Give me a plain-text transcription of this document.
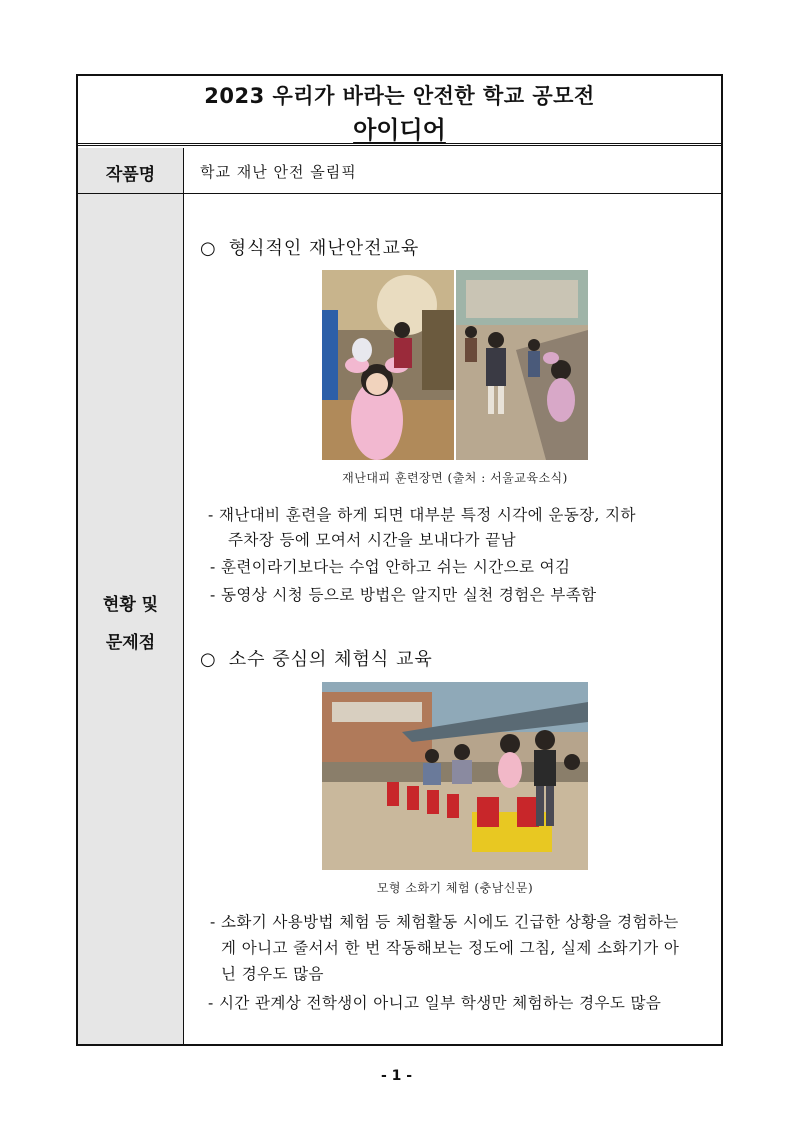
2023 우리가 바라는 안전한 학교 공모전
아이디어
작품명	학교 재난 안전 올림픽
현황 및
문제점
○ 형식적인 재난안전교육
재난대피 훈련장면 (출처 : 서울교육소식)
- 재난대비 훈련을 하게 되면 대부분 특정 시각에 운동장, 지하
주차장 등에 모여서 시간을 보내다가 끝남
- 훈련이라기보다는 수업 안하고 쉬는 시간으로 여김
- 동영상 시청 등으로 방법은 알지만 실천 경험은 부족함
○ 소수 중심의 체험식 교육
모형 소화기 체험 (충남신문)
- 소화기 사용방법 체험 등 체험활동 시에도 긴급한 상황을 경험하는
게 아니고 줄서서 한 번 작동해보는 정도에 그침, 실제 소화기가 아
닌 경우도 많음
- 시간 관계상 전학생이 아니고 일부 학생만 체험하는 경우도 많음
- 1 -
